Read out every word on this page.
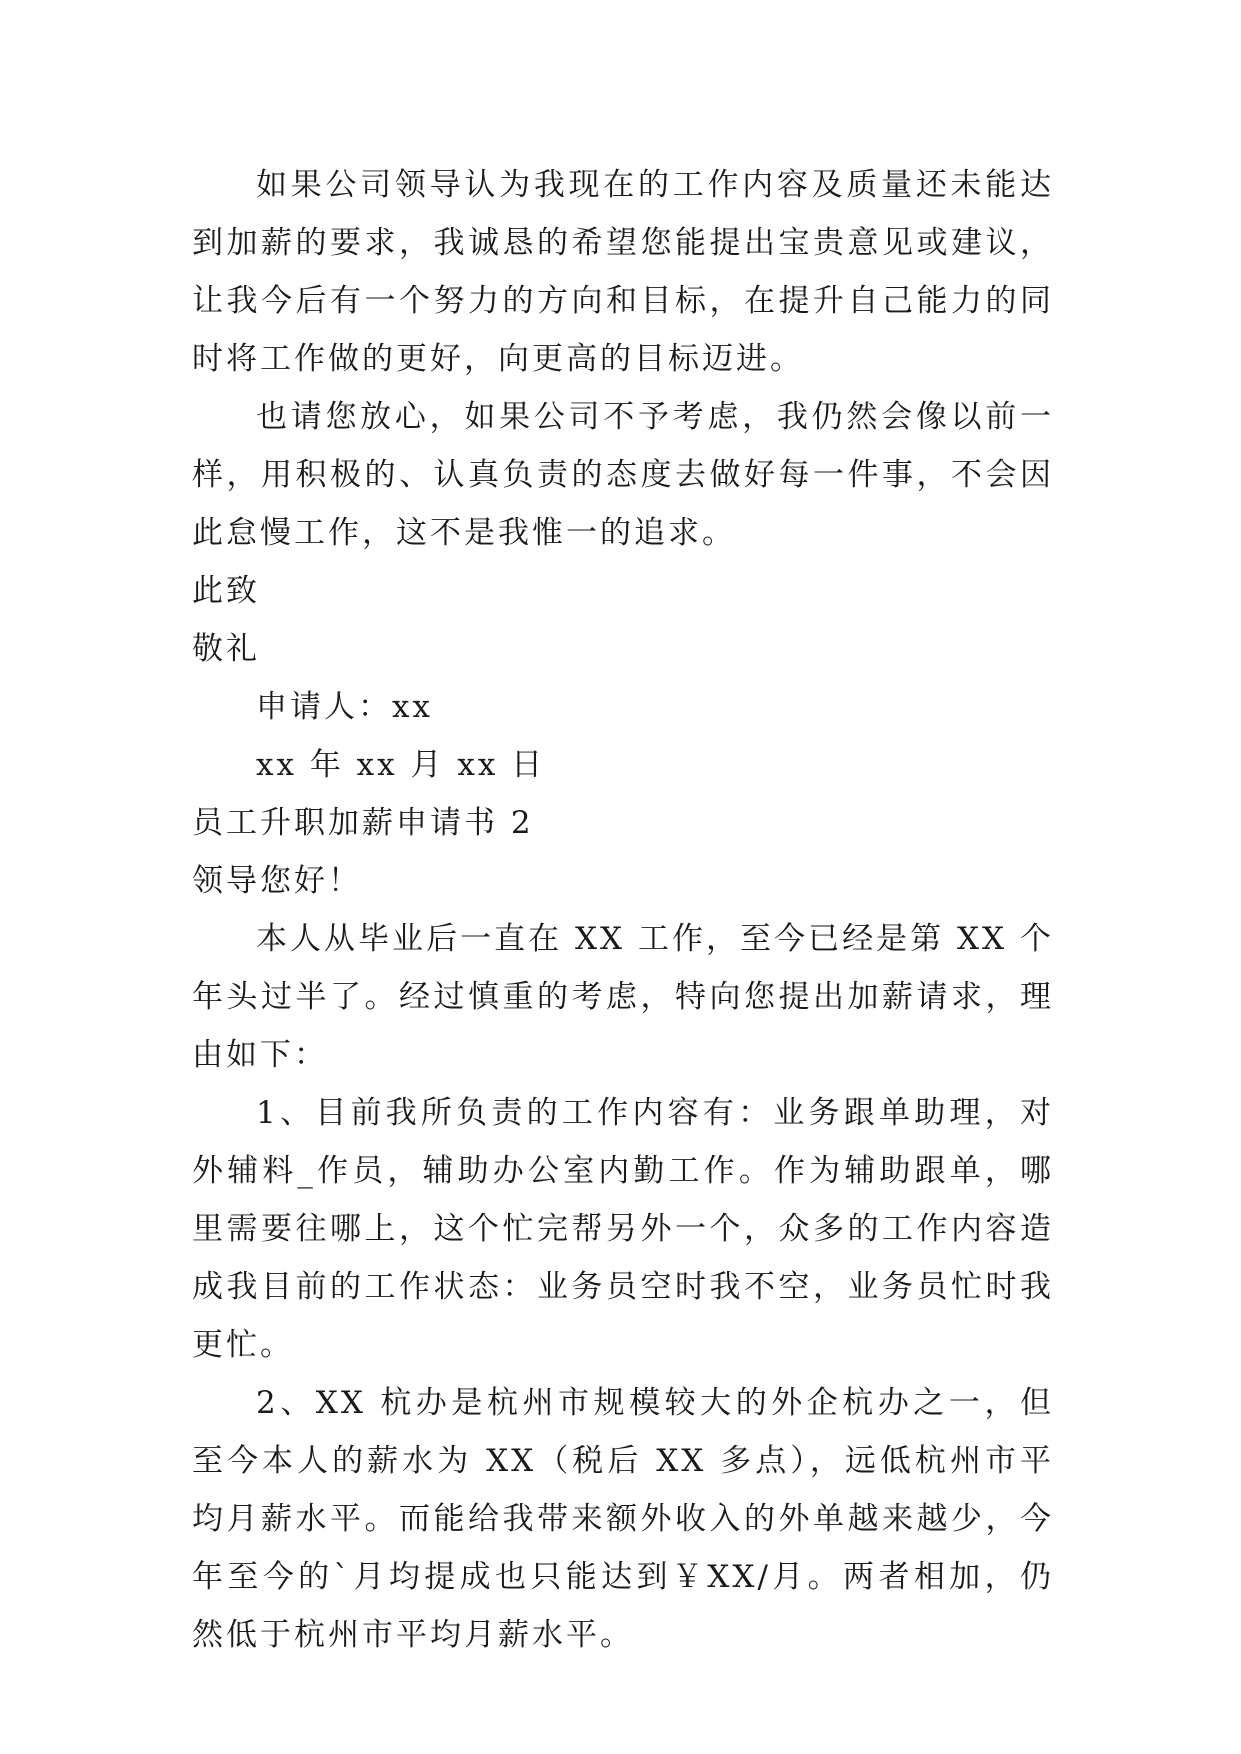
如果公司领导认为我现在的工作内容及质量还未能达到加薪的要求，我诚恳的希望您能提出宝贵意见或建议，让我今后有一个努力的方向和目标，在提升自己能力的同时将工作做的更好，向更高的目标迈进。

也请您放心，如果公司不予考虑，我仍然会像以前一样，用积极的、认真负责的态度去做好每一件事，不会因此怠慢工作，这不是我惟一的追求。

此致

敬礼

申请人：xx

xx 年 xx 月 xx 日

员工升职加薪申请书 2

领导您好！

本人从毕业后一直在 XX 工作，至今已经是第 XX 个年头过半了。经过慎重的考虑，特向您提出加薪请求，理由如下：

1、目前我所负责的工作内容有：业务跟单助理，对外辅料_作员，辅助办公室内勤工作。作为辅助跟单，哪里需要往哪上，这个忙完帮另外一个，众多的工作内容造成我目前的工作状态：业务员空时我不空，业务员忙时我更忙。

2、XX 杭办是杭州市规模较大的外企杭办之一，但至今本人的薪水为 XX（税后 XX 多点），远低杭州市平均月薪水平。而能给我带来额外收入的外单越来越少，今年至今的`月均提成也只能达到￥XX/月。两者相加，仍然低于杭州市平均月薪水平。
